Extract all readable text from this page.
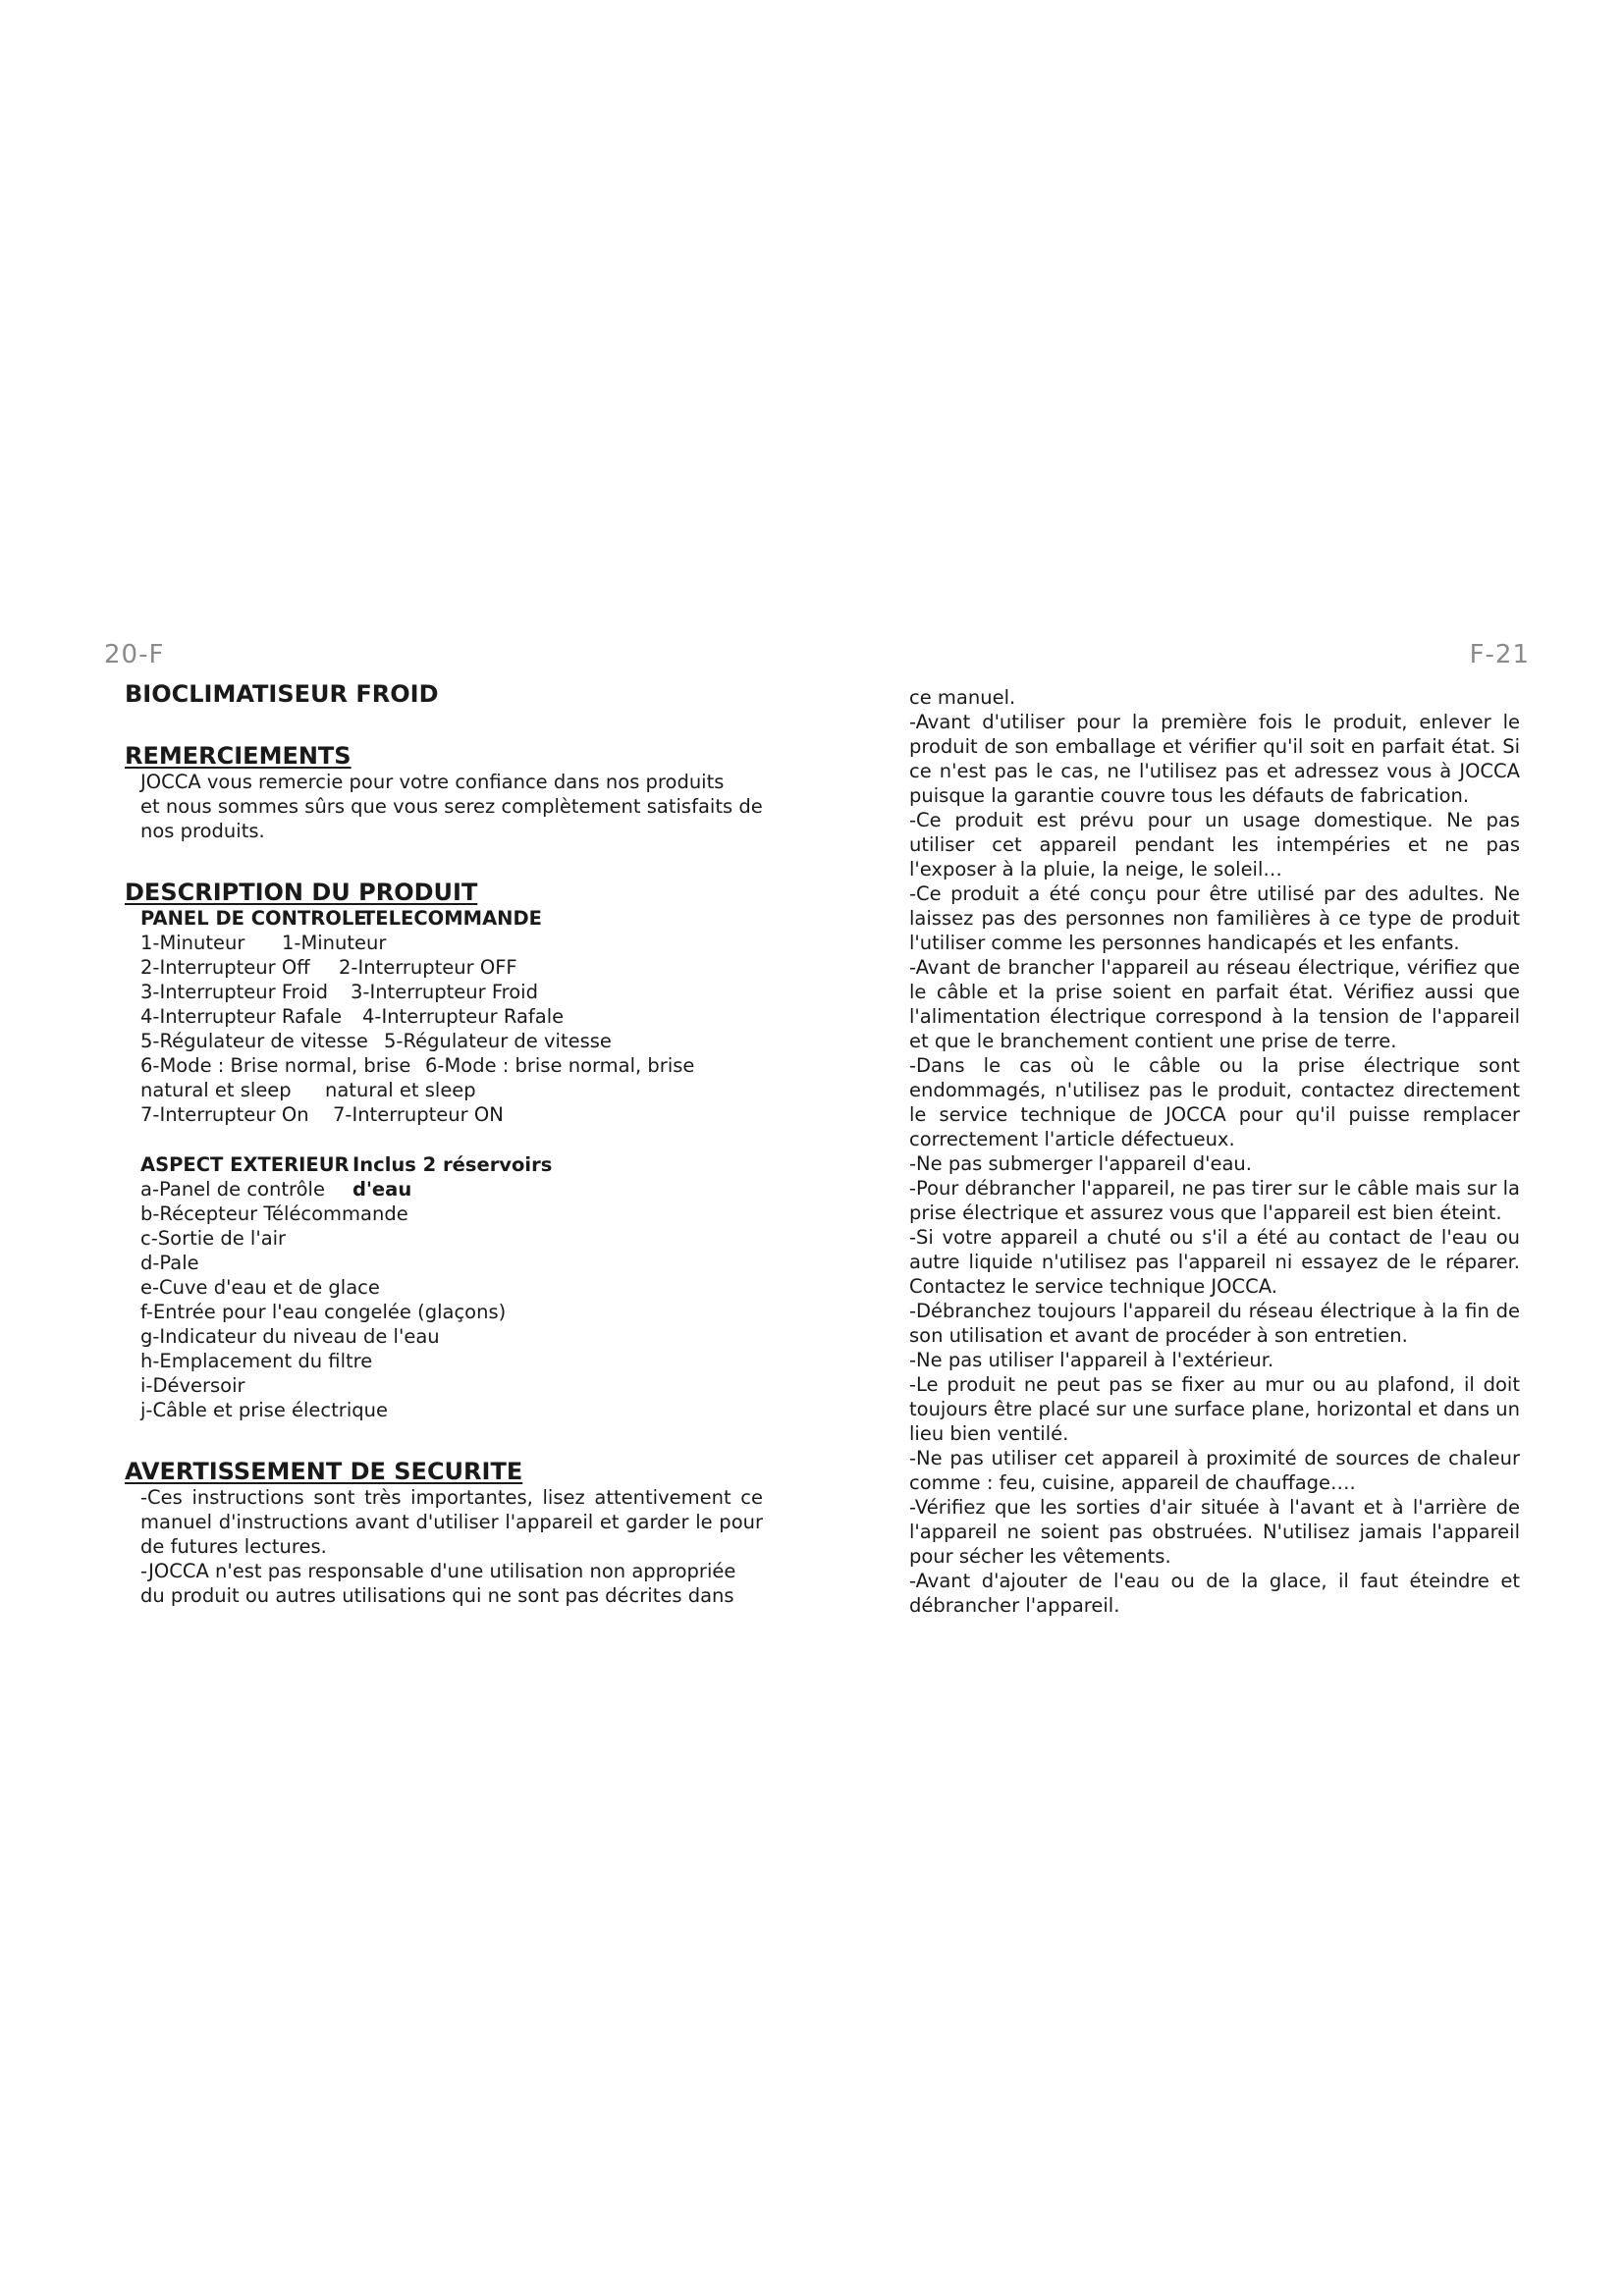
20-F	F-21
BIOCLIMATISEUR FROID
REMERCIEMENTS
JOCCA vous remercie pour votre confiance dans nos produits
et nous sommes sûrs que vous serez complètement satisfaits de
nos produits.
DESCRIPTION DU PRODUIT
PANEL DE CONTROLE
TELECOMMANDE
1-Minuteur	1-Minuteur
2-Interrupteur Off	2-Interrupteur OFF
3-Interrupteur Froid	3-Interrupteur Froid
4-Interrupteur Rafale	4-Interrupteur Rafale
5-Régulateur de vitesse 5-Régulateur de vitesse
6-Mode : Brise normal, brise 6-Mode : brise normal, brise
natural et sleep	natural et sleep
7-Interrupteur On	7-Interrupteur ON
ASPECT EXTERIEUR Inclus 2 réservoirs
a-Panel de contrôle	d'eau
b-Récepteur Télécommande
c-Sortie de l'air
d-Pale
e-Cuve d'eau et de glace
f-Entrée pour l'eau congelée (glaçons)
g-Indicateur du niveau de l'eau
h-Emplacement du filtre
i-Déversoir
j-Câble et prise électrique
AVERTISSEMENT DE SECURITE

-Ces instructions sont très importantes, lisez attentivement ce manuel d'instructions avant d'utiliser l'appareil et garder le pour de futures lectures.

-JOCCA n'est pas responsable d'une utilisation non appropriée du produit ou autres utilisations qui ne sont pas décrites dans

ce manuel.

-Avant d'utiliser pour la première fois le produit, enlever le produit de son emballage et vérifier qu'il soit en parfait état. Si ce n'est pas le cas, ne l'utilisez pas et adressez vous à JOCCA puisque la garantie couvre tous les défauts de fabrication.

-Ce produit est prévu pour un usage domestique. Ne pas utiliser cet appareil pendant les intempéries et ne pas l'exposer à la pluie, la neige, le soleil…

-Ce produit a été conçu pour être utilisé par des adultes. Ne laissez pas des personnes non familières à ce type de produit l'utiliser comme les personnes handicapés et les enfants.

-Avant de brancher l'appareil au réseau électrique, vérifiez que le câble et la prise soient en parfait état. Vérifiez aussi que l'alimentation électrique correspond à la tension de l'appareil et que le branchement contient une prise de terre.

-Dans le cas où le câble ou la prise électrique sont endommagés, n'utilisez pas le produit, contactez directement le service technique de JOCCA pour qu'il puisse remplacer correctement l'article défectueux.

-Ne pas submerger l'appareil d'eau.

-Pour débrancher l'appareil, ne pas tirer sur le câble mais sur la prise électrique et assurez vous que l'appareil est bien éteint.

-Si votre appareil a chuté ou s'il a été au contact de l'eau ou autre liquide n'utilisez pas l'appareil ni essayez de le réparer. Contactez le service technique JOCCA.

-Débranchez toujours l'appareil du réseau électrique à la fin de son utilisation et avant de procéder à son entretien.

-Ne pas utiliser l'appareil à l'extérieur.

-Le produit ne peut pas se fixer au mur ou au plafond, il doit toujours être placé sur une surface plane, horizontal et dans un lieu bien ventilé.

-Ne pas utiliser cet appareil à proximité de sources de chaleur comme : feu, cuisine, appareil de chauffage….

-Vérifiez que les sorties d'air située à l'avant et à l'arrière de l'appareil ne soient pas obstruées. N'utilisez jamais l'appareil pour sécher les vêtements.

-Avant d'ajouter de l'eau ou de la glace, il faut éteindre et débrancher l'appareil.
